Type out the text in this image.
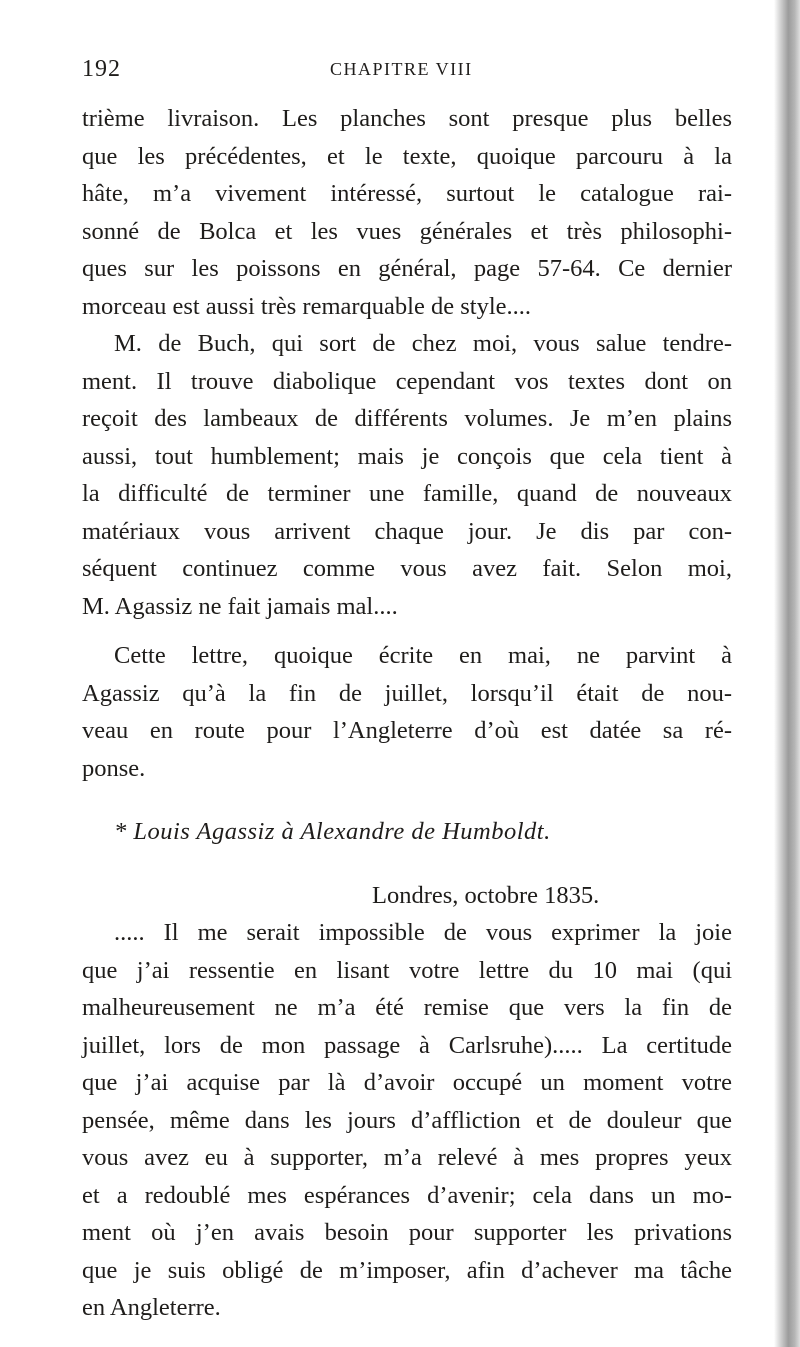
192	CHAPITRE VIII
trième livraison. Les planches sont presque plus belles
que les précédentes, et le texte, quoique parcouru à la
hâte, m’a vivement intéressé, surtout le catalogue rai-
sonné de Bolca et les vues générales et très philosophi-
ques sur les poissons en général, page 57-64. Ce dernier
morceau est aussi très remarquable de style....
M. de Buch, qui sort de chez moi, vous salue tendre-
ment. Il trouve diabolique cependant vos textes dont on
reçoit des lambeaux de différents volumes. Je m’en plains
aussi, tout humblement; mais je conçois que cela tient à
la difficulté de terminer une famille, quand de nouveaux
matériaux vous arrivent chaque jour. Je dis par con-
séquent continuez comme vous avez fait. Selon moi,
M. Agassiz ne fait jamais mal....
Cette lettre, quoique écrite en mai, ne parvint à
Agassiz qu’à la fin de juillet, lorsqu’il était de nou-
veau en route pour l’Angleterre d’où est datée sa ré-
ponse.
* Louis Agassiz à Alexandre de Humboldt.
Londres, octobre 1835.
..... Il me serait impossible de vous exprimer la joie
que j’ai ressentie en lisant votre lettre du 10 mai (qui
malheureusement ne m’a été remise que vers la fin de
juillet, lors de mon passage à Carlsruhe)..... La certitude
que j’ai acquise par là d’avoir occupé un moment votre
pensée, même dans les jours d’affliction et de douleur que
vous avez eu à supporter, m’a relevé à mes propres yeux
et a redoublé mes espérances d’avenir; cela dans un mo-
ment où j’en avais besoin pour supporter les privations
que je suis obligé de m’imposer, afin d’achever ma tâche
en Angleterre.
